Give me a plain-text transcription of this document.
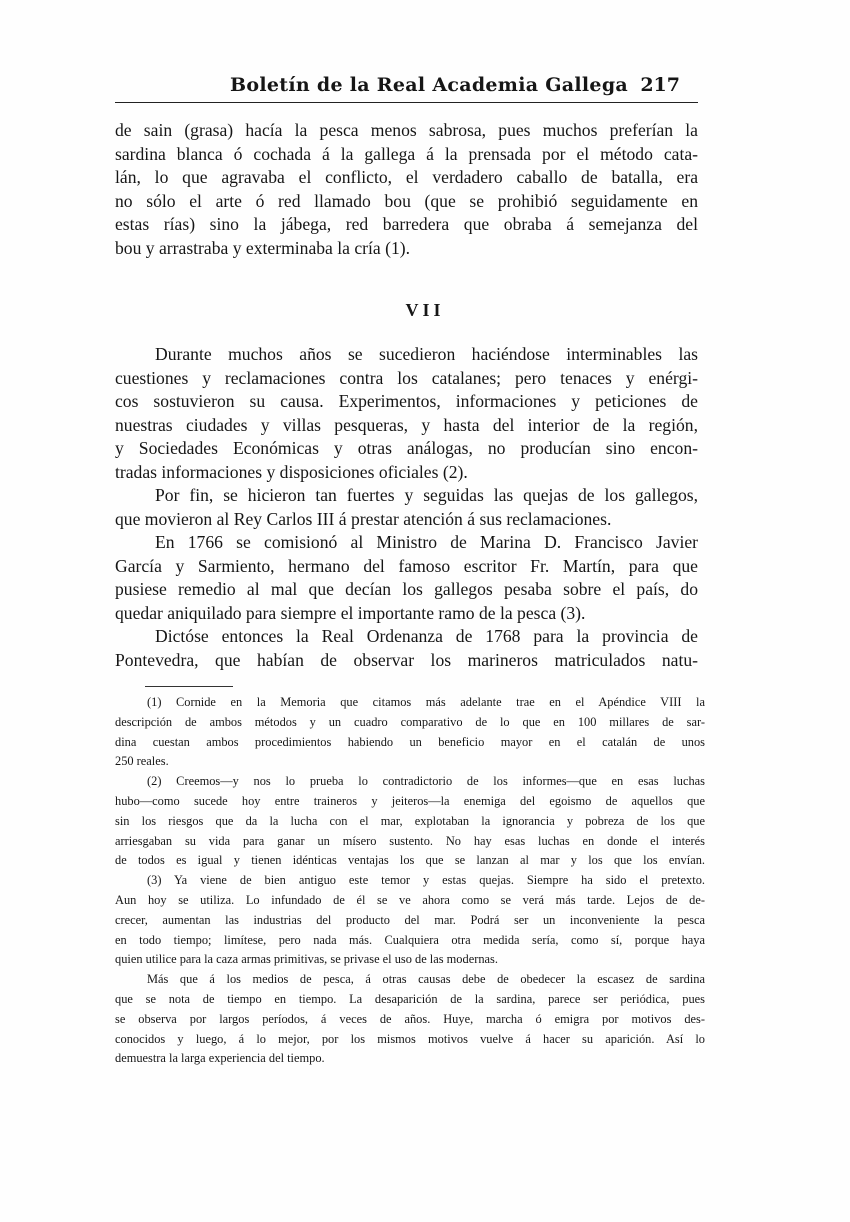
Boletín de la Real Academia Gallega 217
de sain (grasa) hacía la pesca menos sabrosa, pues muchos preferían la
sardina blanca ó cochada á la gallega á la prensada por el método cata-
lán, lo que agravaba el conflicto, el verdadero caballo de batalla, era
no sólo el arte ó red llamado bou (que se prohibió seguidamente en
estas rías) sino la jábega, red barredera que obraba á semejanza del
bou y arrastraba y exterminaba la cría (1).
VII
Durante muchos años se sucedieron haciéndose interminables las
cuestiones y reclamaciones contra los catalanes; pero tenaces y enérgi-
cos sostuvieron su causa. Experimentos, informaciones y peticiones de
nuestras ciudades y villas pesqueras, y hasta del interior de la región,
y Sociedades Económicas y otras análogas, no producían sino encon-
tradas informaciones y disposiciones oficiales (2).
Por fin, se hicieron tan fuertes y seguidas las quejas de los gallegos,
que movieron al Rey Carlos III á prestar atención á sus reclamaciones.
En 1766 se comisionó al Ministro de Marina D. Francisco Javier
García y Sarmiento, hermano del famoso escritor Fr. Martín, para que
pusiese remedio al mal que decían los gallegos pesaba sobre el país, do
quedar aniquilado para siempre el importante ramo de la pesca (3).
Dictóse entonces la Real Ordenanza de 1768 para la provincia de
Pontevedra, que habían de observar los marineros matriculados natu-
(1) Cornide en la Memoria que citamos más adelante trae en el Apéndice VIII la
descripción de ambos métodos y un cuadro comparativo de lo que en 100 millares de sar-
dina cuestan ambos procedimientos habiendo un beneficio mayor en el catalán de unos
250 reales.
(2) Creemos—y nos lo prueba lo contradictorio de los informes—que en esas luchas
hubo—como sucede hoy entre traineros y jeiteros—la enemiga del egoismo de aquellos que
sin los riesgos que da la lucha con el mar, explotaban la ignorancia y pobreza de los que
arriesgaban su vida para ganar un mísero sustento. No hay esas luchas en donde el interés
de todos es igual y tienen idénticas ventajas los que se lanzan al mar y los que los envían.
(3) Ya viene de bien antiguo este temor y estas quejas. Siempre ha sido el pretexto.
Aun hoy se utiliza. Lo infundado de él se ve ahora como se verá más tarde. Lejos de de-
crecer, aumentan las industrias del producto del mar. Podrá ser un inconveniente la pesca
en todo tiempo; limítese, pero nada más. Cualquiera otra medida sería, como sí, porque haya
quien utilice para la caza armas primitivas, se privase el uso de las modernas.
Más que á los medios de pesca, á otras causas debe de obedecer la escasez de sardina
que se nota de tiempo en tiempo. La desaparición de la sardina, parece ser periódica, pues
se observa por largos períodos, á veces de años. Huye, marcha ó emigra por motivos des-
conocidos y luego, á lo mejor, por los mismos motivos vuelve á hacer su aparición. Así lo
demuestra la larga experiencia del tiempo.
